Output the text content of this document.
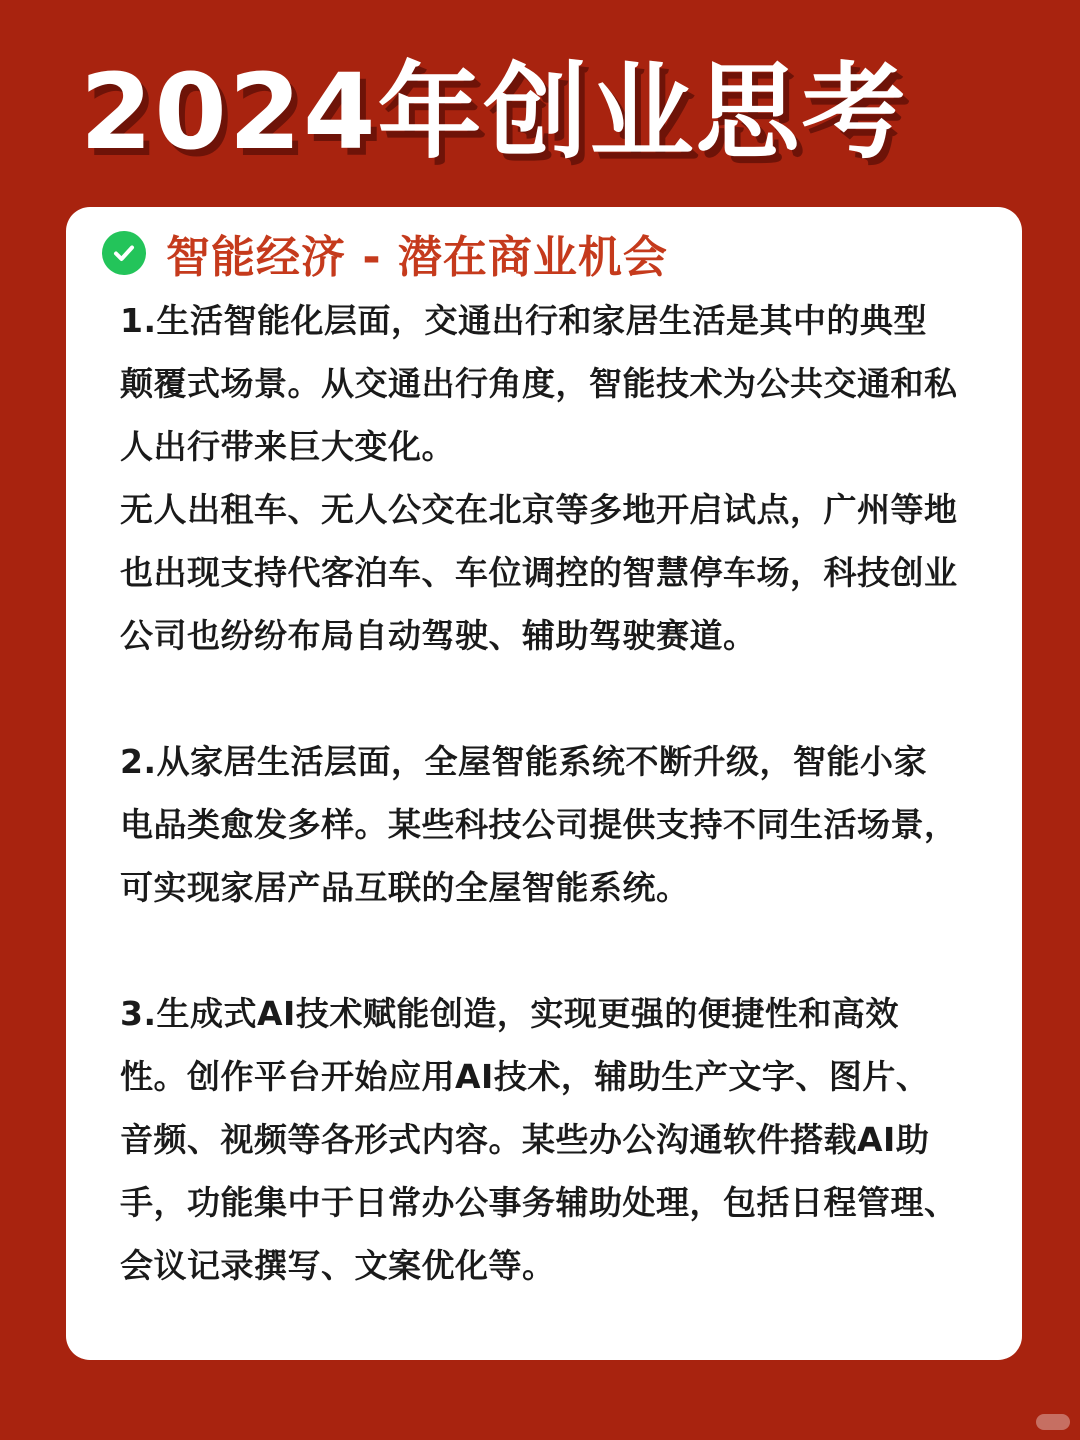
2024年创业思考
智能经济 - 潜在商业机会

1.生活智能化层面，交通出行和家居生活是其中的典型颠覆式场景。从交通出行角度，智能技术为公共交通和私人出行带来巨大变化。

无人出租车、无人公交在北京等多地开启试点，广州等地也出现支持代客泊车、车位调控的智慧停车场，科技创业公司也纷纷布局自动驾驶、辅助驾驶赛道。

2.从家居生活层面，全屋智能系统不断升级，智能小家电品类愈发多样。某些科技公司提供支持不同生活场景，可实现家居产品互联的全屋智能系统。

3.生成式AI技术赋能创造，实现更强的便捷性和高效性。创作平台开始应用AI技术，辅助生产文字、图片、音频、视频等各形式内容。某些办公沟通软件搭载AI助手，功能集中于日常办公事务辅助处理，包括日程管理、会议记录撰写、文案优化等。
